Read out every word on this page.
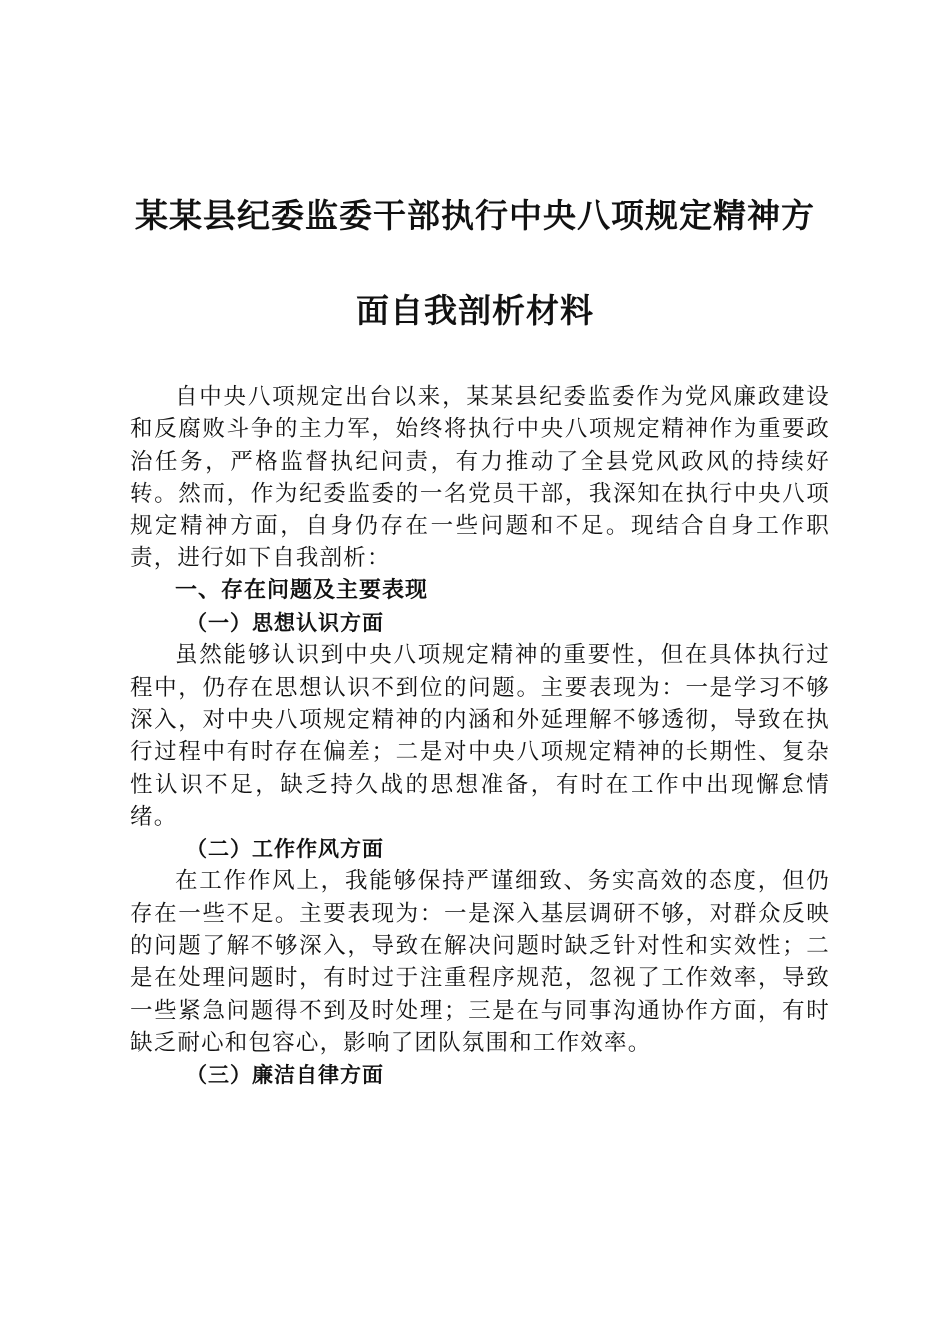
某某县纪委监委干部执行中央八项规定精神方
面自我剖析材料

自中央八项规定出台以来，某某县纪委监委作为党风廉政建设和反腐败斗争的主力军，始终将执行中央八项规定精神作为重要政治任务，严格监督执纪问责，有力推动了全县党风政风的持续好转。然而，作为纪委监委的一名党员干部，我深知在执行中央八项规定精神方面，自身仍存在一些问题和不足。现结合自身工作职责，进行如下自我剖析：

一、存在问题及主要表现

（一）思想认识方面

虽然能够认识到中央八项规定精神的重要性，但在具体执行过程中，仍存在思想认识不到位的问题。主要表现为：一是学习不够深入，对中央八项规定精神的内涵和外延理解不够透彻，导致在执行过程中有时存在偏差；二是对中央八项规定精神的长期性、复杂性认识不足，缺乏持久战的思想准备，有时在工作中出现懈怠情绪。

（二）工作作风方面

在工作作风上，我能够保持严谨细致、务实高效的态度，但仍存在一些不足。主要表现为：一是深入基层调研不够，对群众反映的问题了解不够深入，导致在解决问题时缺乏针对性和实效性；二是在处理问题时，有时过于注重程序规范，忽视了工作效率，导致一些紧急问题得不到及时处理；三是在与同事沟通协作方面，有时缺乏耐心和包容心，影响了团队氛围和工作效率。

（三）廉洁自律方面
